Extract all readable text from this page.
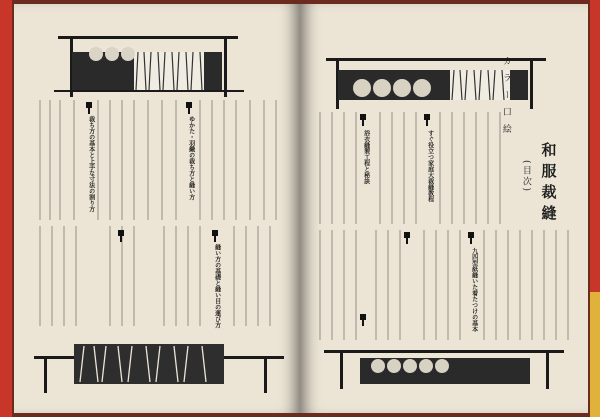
和服裁縫
(目次)
カラー口絵
すぐ役立つ家庭大裁縫教程
浴衣縫製工程と秘訣
九四型紙縫いた着たつけの基本
裁ち方の基本と上手な寸法の割り方	ゆかた・羽織の裁ち方と縫い方
縫い方の基礎と縫い目の運び方
